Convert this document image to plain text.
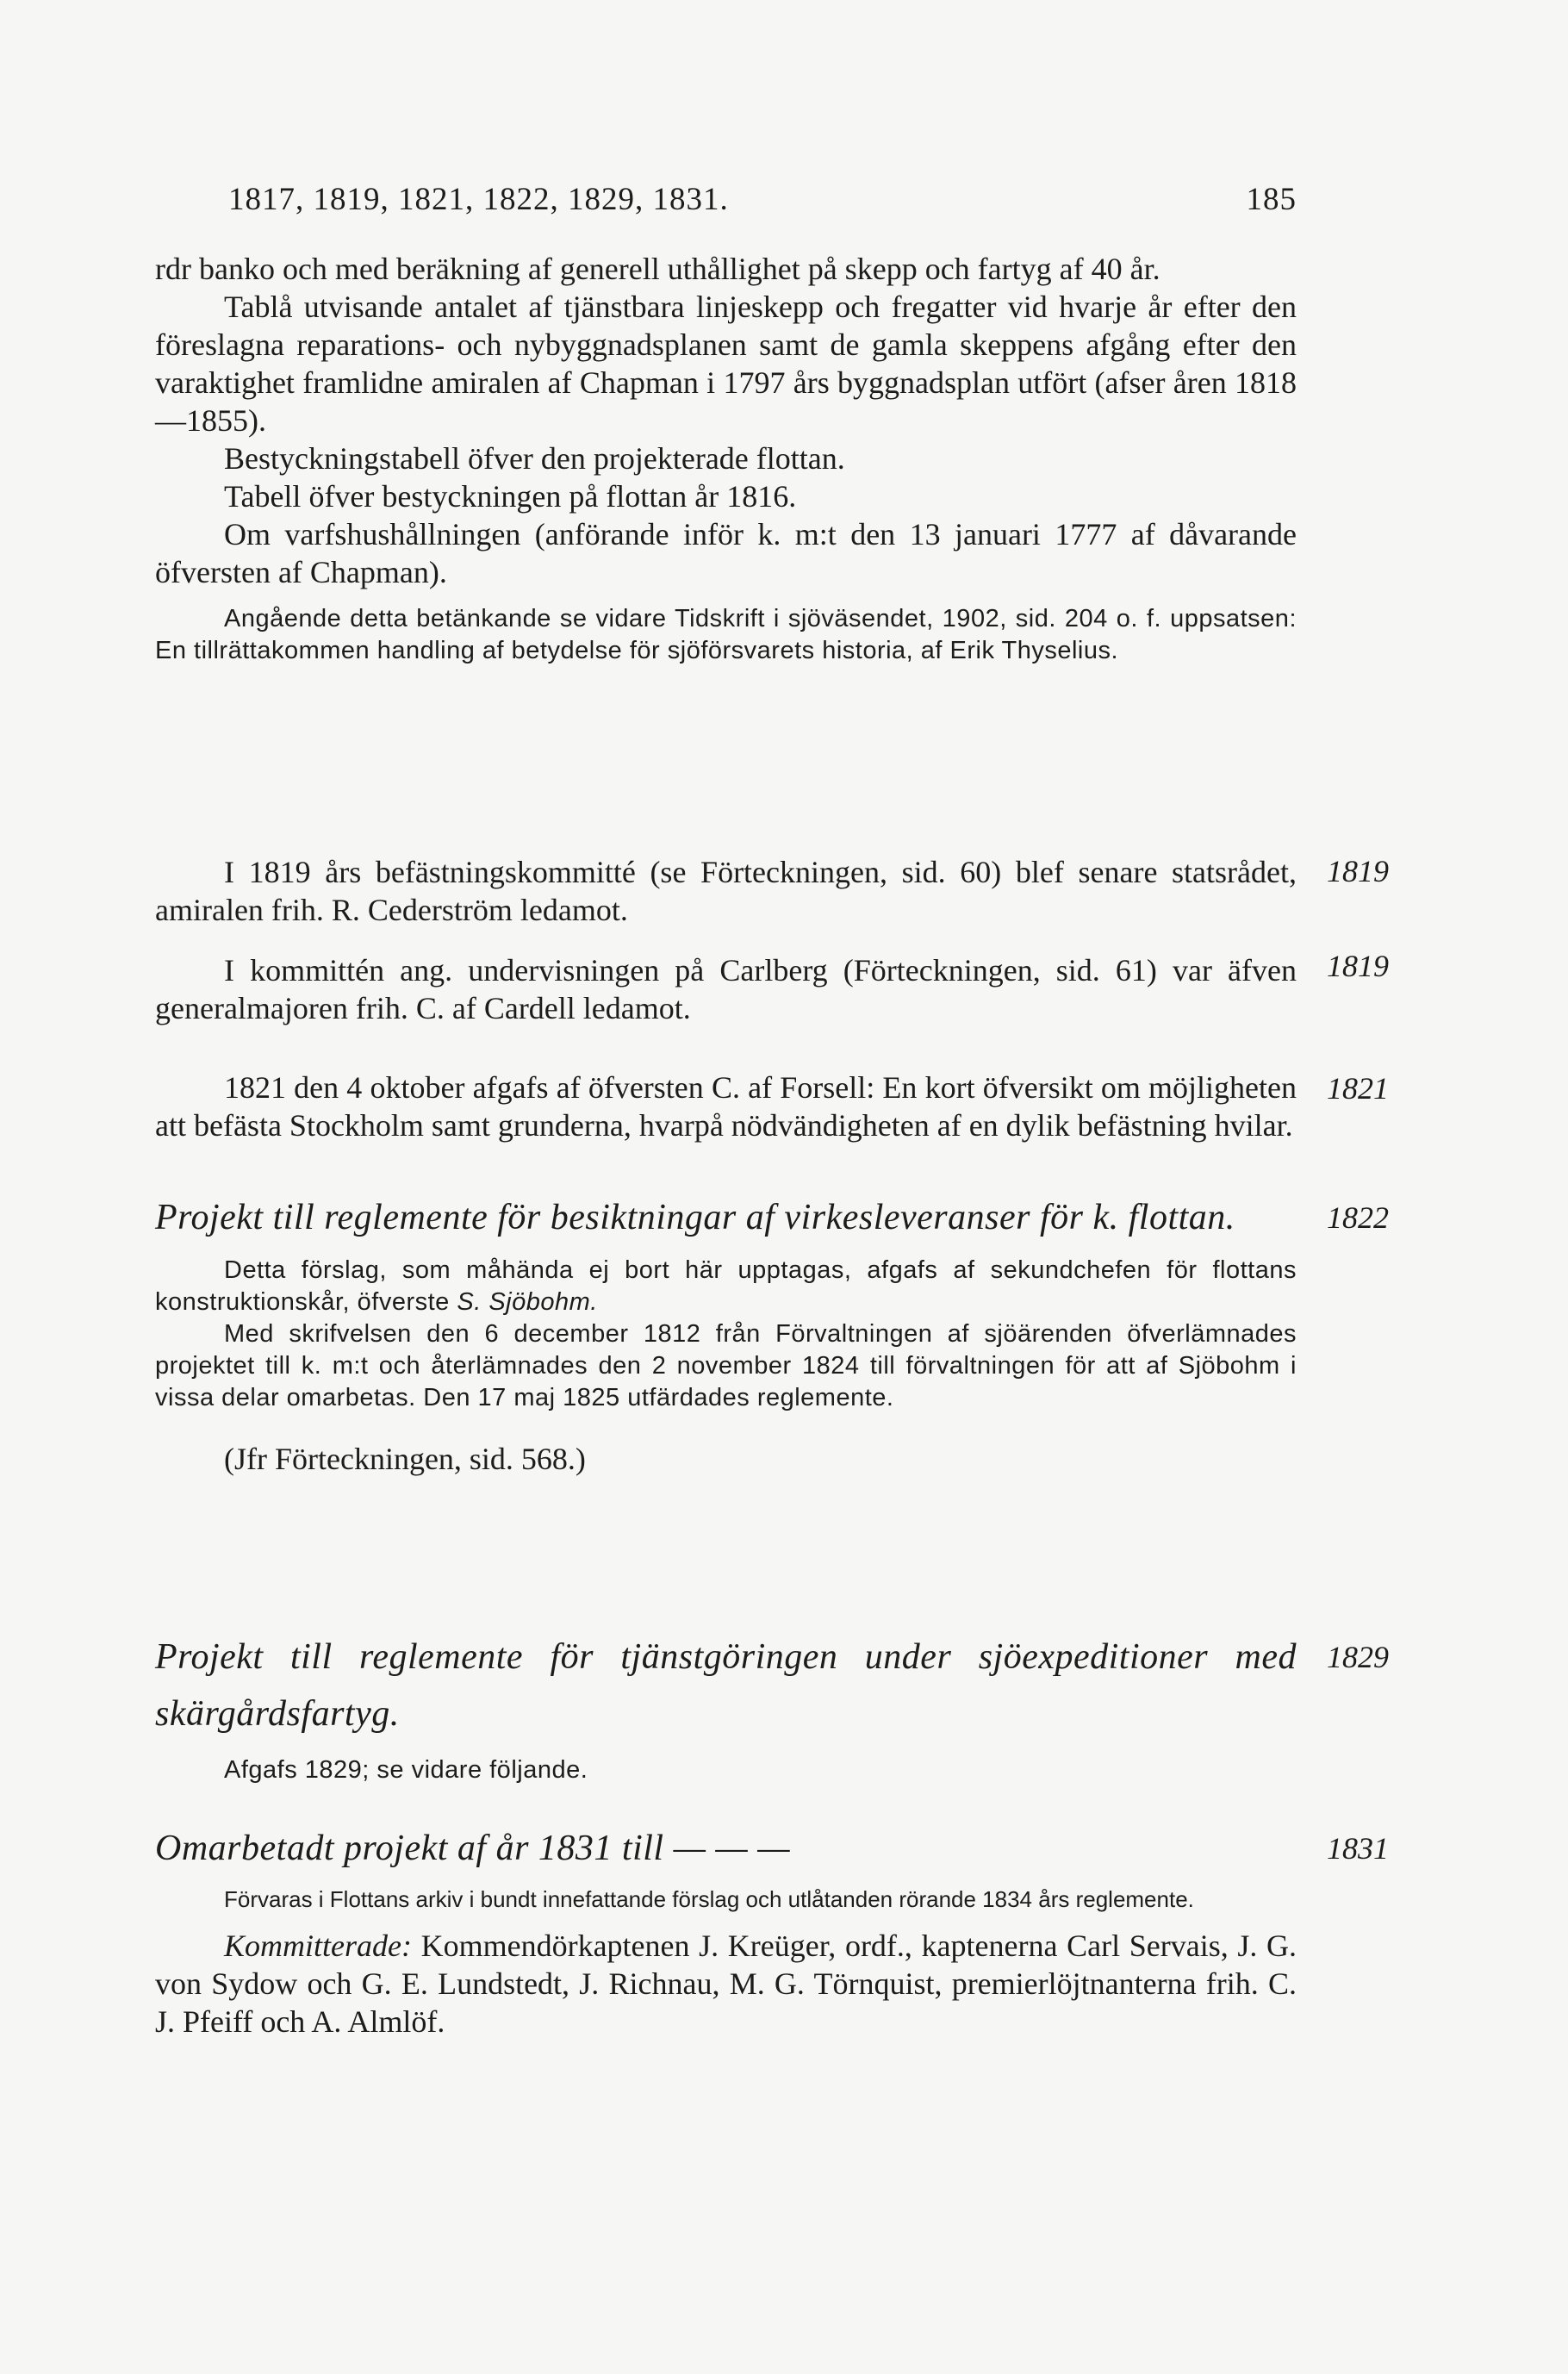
1817, 1819, 1821, 1822, 1829, 1831.	185

rdr banko och med beräkning af generell uthållighet på skepp och fartyg af 40 år.

Tablå utvisande antalet af tjänstbara linjeskepp och fregatter vid hvarje år efter den föreslagna reparations- och nybyggnadsplanen samt de gamla skeppens afgång efter den varaktighet framlidne amiralen af Chapman i 1797 års byggnadsplan utfört (afser åren 1818—1855).

Bestyckningstabell öfver den projekterade flottan.

Tabell öfver bestyckningen på flottan år 1816.

Om varfshushållningen (anförande inför k. m:t den 13 januari 1777 af dåvarande öfversten af Chapman).

Angående detta betänkande se vidare Tidskrift i sjöväsendet, 1902, sid. 204 o. f. uppsatsen: En tillrättakommen handling af betydelse för sjöförsvarets historia, af Erik Thyselius.

I 1819 års befästningskommitté (se Förteckningen, sid. 60) blef senare statsrådet, amiralen frih. R. Cederström ledamot.

I kommittén ang. undervisningen på Carlberg (Förteckningen, sid. 61) var äfven generalmajoren frih. C. af Cardell ledamot.

1819
1819

1821 den 4 oktober afgafs af öfversten C. af Forsell: En kort öfversikt om möjligheten att befästa Stockholm samt grunderna, hvarpå nödvändigheten af en dylik befästning hvilar.

1821

Projekt till reglemente för besiktningar af virkesleveranser för k. flottan.

Detta förslag, som måhända ej bort här upptagas, afgafs af sekundchefen för flottans konstruktionskår, öfverste S. Sjöbohm.

Med skrifvelsen den 6 december 1812 från Förvaltningen af sjöärenden öfverlämnades projektet till k. m:t och återlämnades den 2 november 1824 till förvaltningen för att af Sjöbohm i vissa delar omarbetas. Den 17 maj 1825 utfärdades reglemente.

(Jfr Förteckningen, sid. 568.)

1822

Projekt till reglemente för tjänstgöringen under sjöexpeditioner med skärgårdsfartyg.

Afgafs 1829; se vidare följande.

1829

Omarbetadt projekt af år 1831 till — — —

Förvaras i Flottans arkiv i bundt innefattande förslag och utlåtanden rörande 1834 års reglemente.

Kommitterade: Kommendörkaptenen J. Kreüger, ordf., kaptenerna Carl Servais, J. G. von Sydow och G. E. Lundstedt, J. Richnau, M. G. Törnquist, premierlöjtnanterna frih. C. J. Pfeiff och A. Almlöf.

1831
